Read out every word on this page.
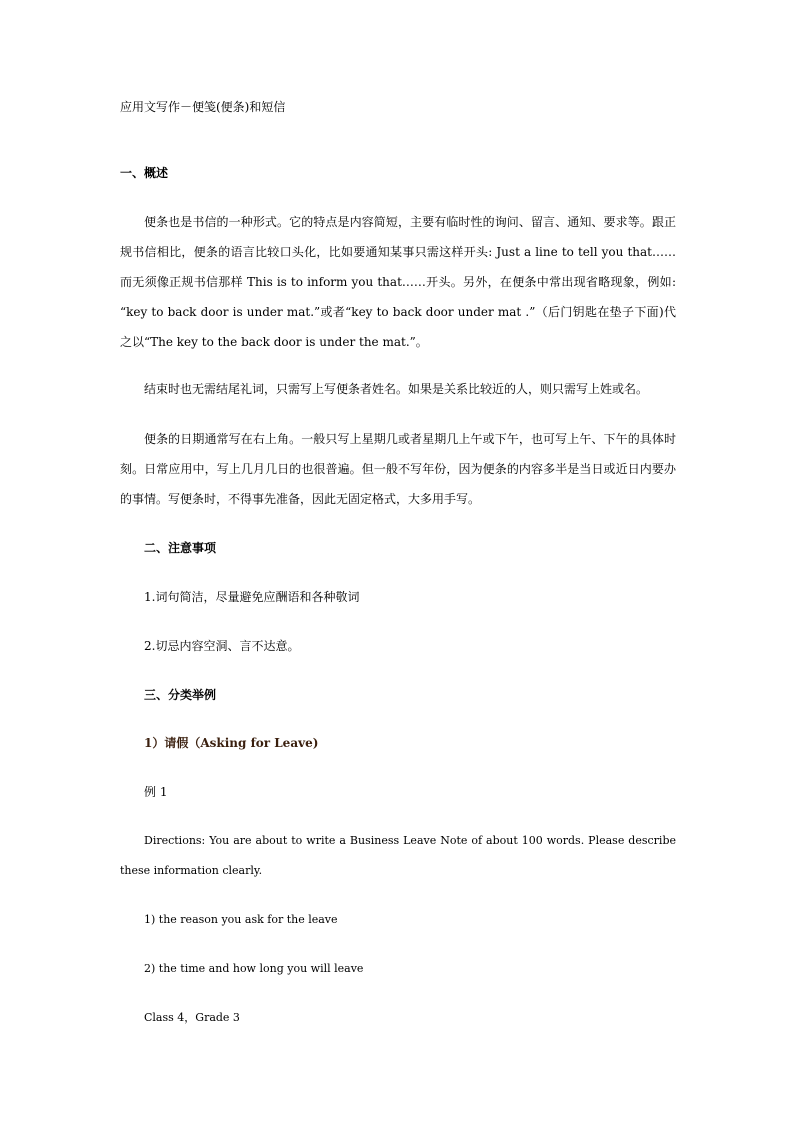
应用文写作－便笺(便条)和短信
一、概述
便条也是书信的一种形式。它的特点是内容简短，主要有临时性的询问、留言、通知、要求等。跟正规书信相比，便条的语言比较口头化，比如要通知某事只需这样开头: Just a line to tell you that……而无须像正规书信那样 This is to inform you that……开头。另外，在便条中常出现省略现象，例如: “key to back door is under mat.”或者“key to back door under mat .”（后门钥匙在垫子下面)代之以“The key to the back door is under the mat.”。
结束时也无需结尾礼词，只需写上写便条者姓名。如果是关系比较近的人，则只需写上姓或名。
便条的日期通常写在右上角。一般只写上星期几或者星期几上午或下午，也可写上午、下午的具体时刻。日常应用中，写上几月几日的也很普遍。但一般不写年份，因为便条的内容多半是当日或近日内要办的事情。写便条时，不得事先准备，因此无固定格式，大多用手写。
二、注意事项
1.词句简洁，尽量避免应酬语和各种敬词
2.切忌内容空洞、言不达意。
三、分类举例
1）请假（Asking for Leave)
例 1
Directions: You are about to write a Business Leave Note of about 100 words. Please describe these information clearly.
1) the reason you ask for the leave
2) the time and how long you will leave
Class 4，Grade 3
